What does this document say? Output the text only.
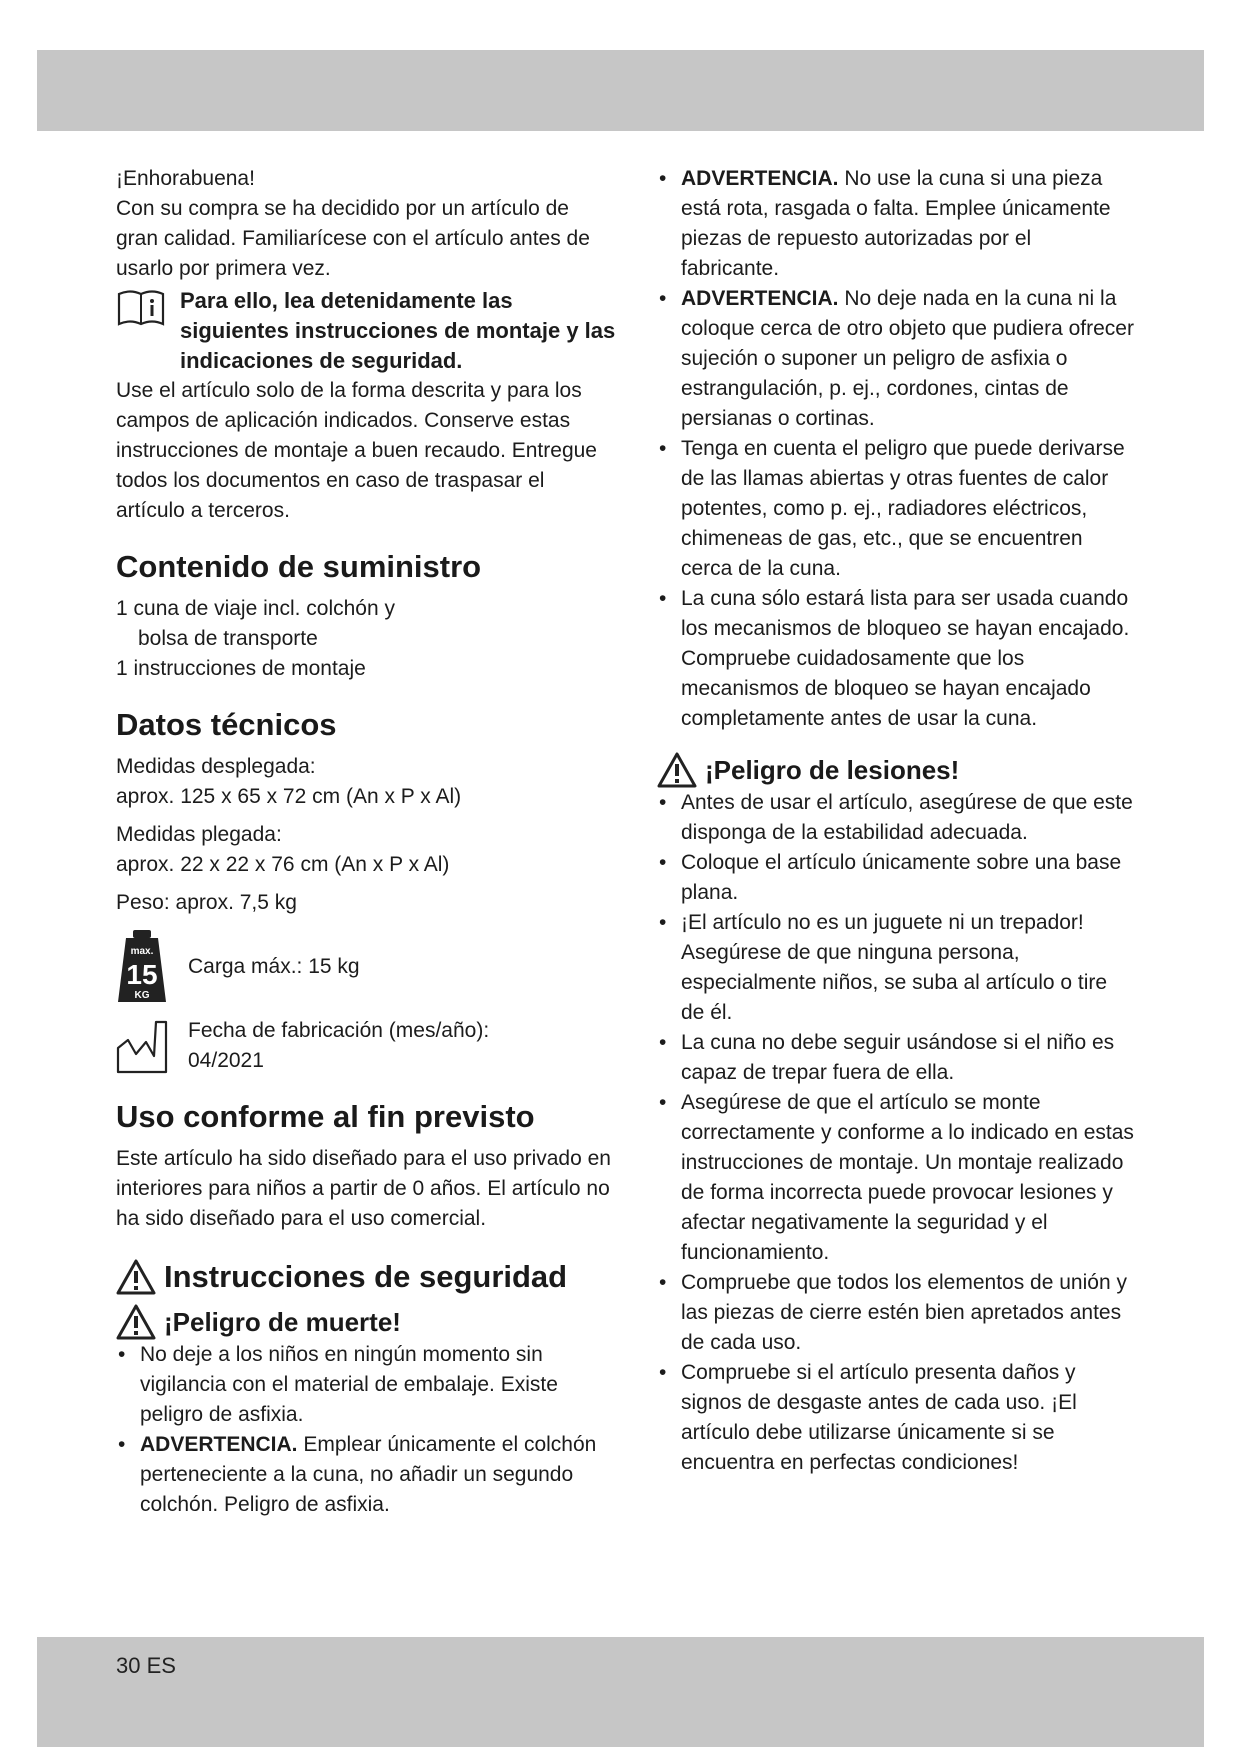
¡Enhorabuena!

Con su compra se ha decidido por un artículo de gran calidad. Familiarícese con el artículo antes de usarlo por primera vez.

Para ello, lea detenidamente las siguientes instrucciones de montaje y las indicaciones de seguridad.

Use el artículo solo de la forma descrita y para los campos de aplicación indicados. Conserve estas instrucciones de montaje a buen recaudo. Entregue todos los documentos en caso de traspasar el artículo a terceros.

Contenido de suministro

1 cuna de viaje incl. colchón y

bolsa de transporte

1 instrucciones de montaje

Datos técnicos

Medidas desplegada:

aprox. 125 x 65 x 72 cm (An x P x Al)

Medidas plegada:

aprox. 22 x 22 x 76 cm (An x P x Al)

Peso: aprox. 7,5 kg

max.
15
KG

Carga máx.: 15 kg

Fecha de fabricación (mes/año):

04/2021

Uso conforme al fin previsto

Este artículo ha sido diseñado para el uso privado en interiores para niños a partir de 0 años. El artículo no ha sido diseñado para el uso comercial.

Instrucciones de seguridad
¡Peligro de muerte!
• No deje a los niños en ningún momento sin vigilancia con el material de embalaje. Existe peligro de asfixia.
• ADVERTENCIA. Emplear únicamente el colchón perteneciente a la cuna, no añadir un segundo colchón. Peligro de asfixia.
• ADVERTENCIA. No use la cuna si una pieza está rota, rasgada o falta. Emplee únicamente piezas de repuesto autorizadas por el fabricante.
• ADVERTENCIA. No deje nada en la cuna ni la coloque cerca de otro objeto que pudiera ofrecer sujeción o suponer un peligro de asfixia o estrangulación, p. ej., cordones, cintas de persianas o cortinas.
• Tenga en cuenta el peligro que puede derivarse de las llamas abiertas y otras fuentes de calor potentes, como p. ej., radiadores eléctricos, chimeneas de gas, etc., que se encuentren cerca de la cuna.
• La cuna sólo estará lista para ser usada cuando los mecanismos de bloqueo se hayan encajado. Compruebe cuidadosamente que los mecanismos de bloqueo se hayan encajado completamente antes de usar la cuna.
¡Peligro de lesiones!
• Antes de usar el artículo, asegúrese de que este disponga de la estabilidad adecuada.
• Coloque el artículo únicamente sobre una base plana.
• ¡El artículo no es un juguete ni un trepador! Asegúrese de que ninguna persona, especialmente niños, se suba al artículo o tire de él.
• La cuna no debe seguir usándose si el niño es capaz de trepar fuera de ella.
• Asegúrese de que el artículo se monte correctamente y conforme a lo indicado en estas instrucciones de montaje. Un montaje realizado de forma incorrecta puede provocar lesiones y afectar negativamente la seguridad y el funcionamiento.
• Compruebe que todos los elementos de unión y las piezas de cierre estén bien apretados antes de cada uso.
• Compruebe si el artículo presenta daños y signos de desgaste antes de cada uso. ¡El artículo debe utilizarse únicamente si se encuentra en perfectas condiciones!
30 ES
